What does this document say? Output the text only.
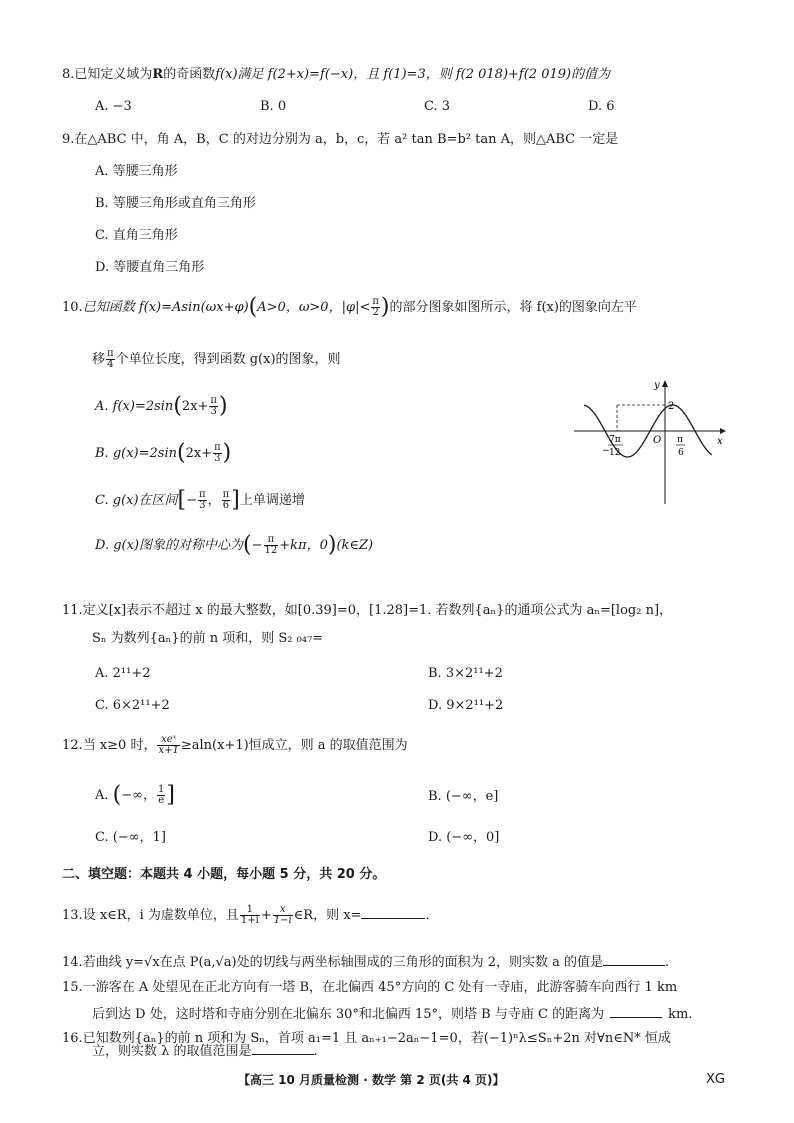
8.已知定义域为R的奇函数f(x)满足 f(2+x)=f(−x)，且 f(1)=3，则 f(2 018)+f(2 019)的值为
A. −3	B. 0	C. 3	D. 6
9.在△ABC 中，角 A，B，C 的对边分别为 a，b，c，若 a² tan B=b² tan A，则△ABC 一定是
A. 等腰三角形
B. 等腰三角形或直角三角形
C. 直角三角形
D. 等腰直角三角形
10.已知函数 f(x)=Asin(ωx+φ)(A>0，ω>0，$|\varphi|< \frac{\pi}{2}$ )的部分图象如图所示，将 f(x)的图象向左平
移 $\frac{\pi}{4}$ 个单位长度，得到函数 g(x)的图象，则
A. $f(x)=2\sin(2x+ \frac{\pi}{3}$ )
B. $g(x)=2\sin(2x+ \frac{\pi}{3}$ )
C. g(x)在区间[− $\frac{\pi}{3}$ ， $\frac{\pi}{6}$ ]上单调递增
D. g(x)图象的对称中心为(− $\frac{\pi}{12} +k\pi$，0)(k∈Z)
y
x
O
2
−
7π
12
π
6
11.定义[x]表示不超过 x 的最大整数，如[0.39]=0，[1.28]=1. 若数列{aₙ}的通项公式为 aₙ=[log₂ n]，
Sₙ 为数列{aₙ}的前 n 项和，则 S₂ ₀₄₇=
A. 2¹¹+2	B. 3×2¹¹+2
C. 6×2¹¹+2	D. 9×2¹¹+2
12.当 x≥0 时， $\frac{\text{xeˣ}}{x+1} \ge aln(x+1)$恒成立，则 a 的取值范围为
A. (−∞， $\frac{1}{e}$ ]	B. (−∞，e]
C. (−∞，1]	D. (−∞，0]
二、填空题：本题共 4 小题，每小题 5 分，共 20 分。
13.设 x∈R，i 为虚数单位，且 $\frac{1}{1+i} + \frac{x}{1-i}$ ∈R，则 x=	.
14.若曲线 y=√x在点 P(a,√a)处的切线与两坐标轴围成的三角形的面积为 2，则实数 a 的值是	.
15.一游客在 A 处望见在正北方向有一塔 B，在北偏西 45°方向的 C 处有一寺庙，此游客骑车向西行 1 km
后到达 D 处，这时塔和寺庙分别在北偏东 30°和北偏西 15°，则塔 B 与寺庙 C 的距离为	km.
16.已知数列{aₙ}的前 n 项和为 Sₙ，首项 a₁=1 且 aₙ₊₁−2aₙ−1=0，若(−1)ⁿλ≤Sₙ+2n 对∀n∈N* 恒成
立，则实数 λ 的取值范围是	.
【高三 10 月质量检测 · 数学 第 2 页(共 4 页)】	XG
